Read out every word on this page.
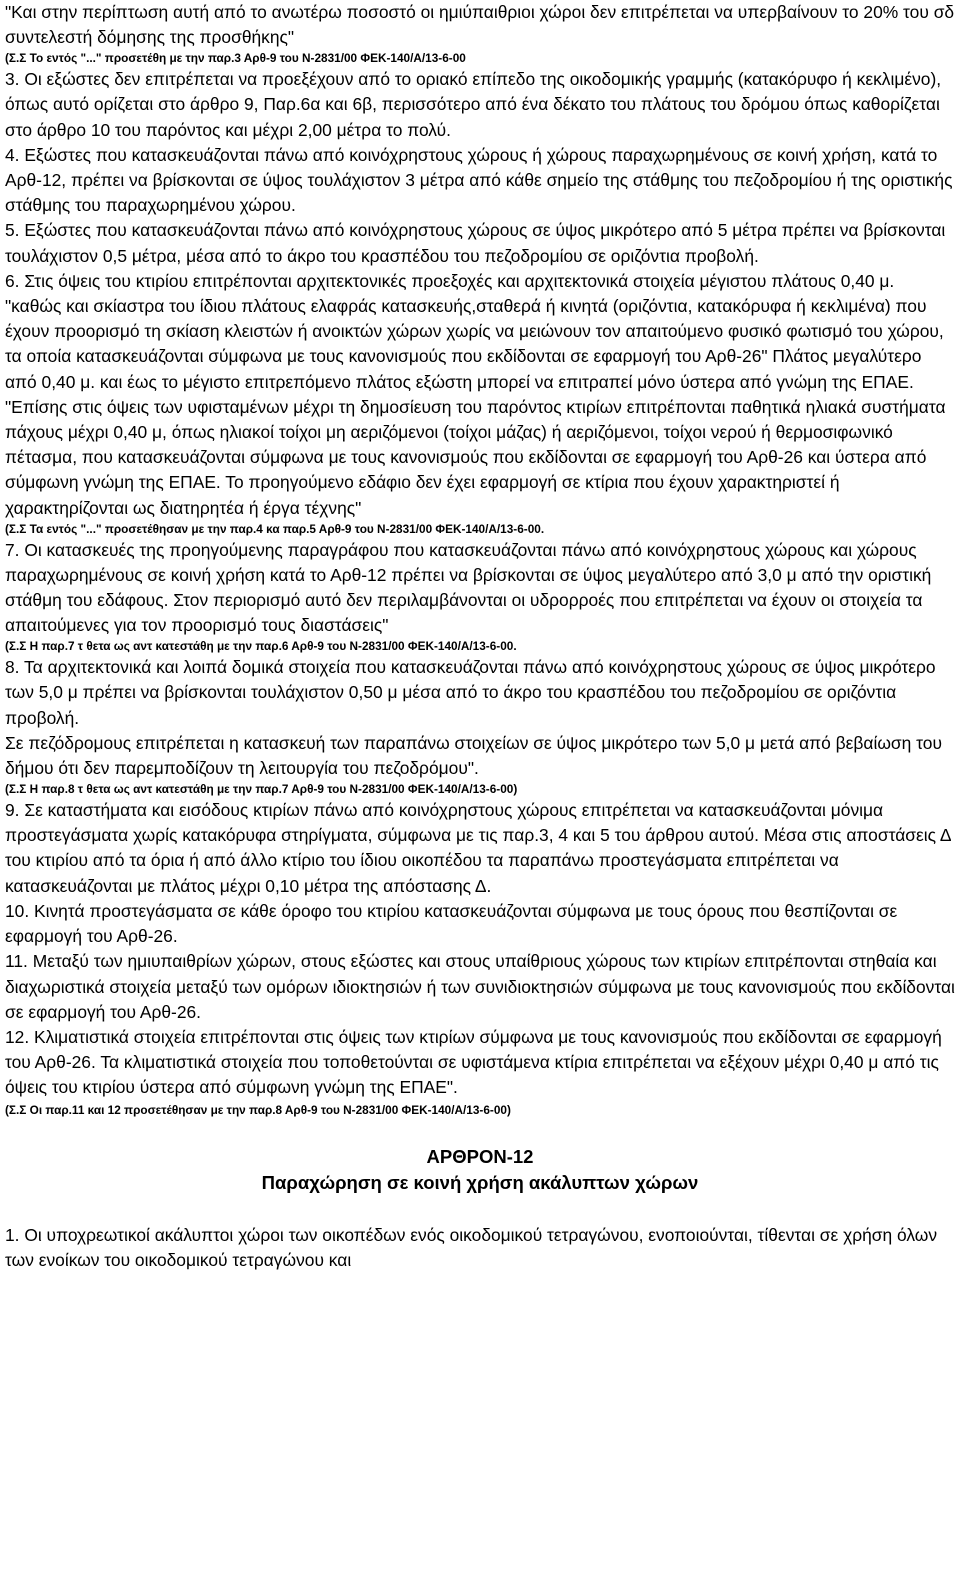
"Και στην περίπτωση αυτή από το ανωτέρω ποσοστό οι ημιύπαιθριοι χώροι δεν επιτρέπεται να υπερβαίνουν το 20% του σδ συντελεστή δόμησης της προσθήκης"

(Σ.Σ Το εντός "..." προσετέθη με την παρ.3 Αρθ-9 του Ν-2831/00 ΦΕΚ-140/Α/13-6-00

3. Οι εξώστες δεν επιτρέπεται να προεξέχουν από το οριακό επίπεδο της οικοδομικής γραμμής (κατακόρυφο ή κεκλιμένο), όπως αυτό ορίζεται στο άρθρο 9, Παρ.6α και 6β, περισσότερο από ένα δέκατο του πλάτους του δρόμου όπως καθορίζεται στο άρθρο 10 του παρόντος και μέχρι 2,00 μέτρα το πολύ.

4. Εξώστες που κατασκευάζονται πάνω από κοινόχρηστους χώρους ή χώρους παραχωρημένους σε κοινή χρήση, κατά το Αρθ-12, πρέπει να βρίσκονται σε ύψος τουλάχιστον 3 μέτρα από κάθε σημείο της στάθμης του πεζοδρομίου ή της οριστικής στάθμης του παραχωρημένου χώρου.

5. Εξώστες που κατασκευάζονται πάνω από κοινόχρηστους χώρους σε ύψος μικρότερο από 5 μέτρα πρέπει να βρίσκονται τουλάχιστον 0,5 μέτρα, μέσα από το άκρο του κρασπέδου του πεζοδρομίου σε οριζόντια προβολή.

6. Στις όψεις του κτιρίου επιτρέπονται αρχιτεκτονικές προεξοχές και αρχιτεκτονικά στοιχεία μέγιστου πλάτους 0,40 μ. "καθώς και σκίαστρα του ίδιου πλάτους ελαφράς κατασκευής,σταθερά ή κινητά (οριζόντια, κατακόρυφα ή κεκλιμένα) που έχουν προορισμό τη σκίαση κλειστών ή ανοικτών χώρων χωρίς να μειώνουν τον απαιτούμενο φυσικό φωτισμό του χώρου, τα οποία κατασκευάζονται σύμφωνα με τους κανονισμούς που εκδίδονται σε εφαρμογή του Αρθ-26" Πλάτος μεγαλύτερο από 0,40 μ. και έως το μέγιστο επιτρεπόμενο πλάτος εξώστη μπορεί να επιτραπεί μόνο ύστερα από γνώμη της ΕΠΑΕ.

"Επίσης στις όψεις των υφισταμένων μέχρι τη δημοσίευση του παρόντος κτιρίων επιτρέπονται παθητικά ηλιακά συστήματα πάχους μέχρι 0,40 μ, όπως ηλιακοί τοίχοι μη αεριζόμενοι (τοίχοι μάζας) ή αεριζόμενοι, τοίχοι νερού ή θερμοσιφωνικό πέτασμα, που κατασκευάζονται σύμφωνα με τους κανονισμούς που εκδίδονται σε εφαρμογή του Αρθ-26 και ύστερα από σύμφωνη γνώμη της ΕΠΑΕ. Το προηγούμενο εδάφιο δεν έχει εφαρμογή σε κτίρια που έχουν χαρακτηριστεί ή χαρακτηρίζονται ως διατηρητέα ή έργα τέχνης"

(Σ.Σ Τα εντός "..." προσετέθησαν με την παρ.4 κα παρ.5 Αρθ-9 του Ν-2831/00 ΦΕΚ-140/Α/13-6-00.

7. Οι κατασκευές της προηγούμενης παραγράφου που κατασκευάζονται πάνω από κοινόχρηστους χώρους και χώρους παραχωρημένους σε κοινή χρήση κατά το Αρθ-12 πρέπει να βρίσκονται σε ύψος μεγαλύτερο από 3,0 μ από την οριστική στάθμη του εδάφους. Στον περιορισμό αυτό δεν περιλαμβάνονται οι υδρορροές που επιτρέπεται να έχουν οι στοιχεία τα απαιτούμενες για τον προορισμό τους διαστάσεις"

(Σ.Σ Η παρ.7 τ θετα ως αντ κατεστάθη με την παρ.6 Αρθ-9 του Ν-2831/00 ΦΕΚ-140/Α/13-6-00.

8. Τα αρχιτεκτονικά και λοιπά δομικά στοιχεία που κατασκευάζονται πάνω από κοινόχρηστους χώρους σε ύψος μικρότερο των 5,0 μ πρέπει να βρίσκονται τουλάχιστον 0,50 μ μέσα από το άκρο του κρασπέδου του πεζοδρομίου σε οριζόντια προβολή.

Σε πεζόδρομους επιτρέπεται η κατασκευή των παραπάνω στοιχείων σε ύψος μικρότερο των 5,0 μ μετά από βεβαίωση του δήμου ότι δεν παρεμποδίζουν τη λειτουργία του πεζοδρόμου".

(Σ.Σ Η παρ.8 τ θετα ως αντ κατεστάθη με την παρ.7 Αρθ-9 του Ν-2831/00 ΦΕΚ-140/Α/13-6-00)

9. Σε καταστήματα και εισόδους κτιρίων πάνω από κοινόχρηστους χώρους επιτρέπεται να κατασκευάζονται μόνιμα προστεγάσματα χωρίς κατακόρυφα στηρίγματα, σύμφωνα με τις παρ.3, 4 και 5 του άρθρου αυτού. Μέσα στις αποστάσεις Δ του κτιρίου από τα όρια ή από άλλο κτίριο του ίδιου οικοπέδου τα παραπάνω προστεγάσματα επιτρέπεται να κατασκευάζονται με πλάτος μέχρι 0,10 μέτρα της απόστασης Δ.

10. Κινητά προστεγάσματα σε κάθε όροφο του κτιρίου κατασκευάζονται σύμφωνα με τους όρους που θεσπίζονται σε εφαρμογή του Αρθ-26.

11. Μεταξύ των ημιυπαιθρίων χώρων, στους εξώστες και στους υπαίθριους χώρους των κτιρίων επιτρέπονται στηθαία και διαχωριστικά στοιχεία μεταξύ των ομόρων ιδιοκτησιών ή των συνιδιοκτησιών σύμφωνα με τους κανονισμούς που εκδίδονται σε εφαρμογή του Αρθ-26.

12. Κλιματιστικά στοιχεία επιτρέπονται στις όψεις των κτιρίων σύμφωνα με τους κανονισμούς που εκδίδονται σε εφαρμογή του Αρθ-26. Τα κλιματιστικά στοιχεία που τοποθετούνται σε υφιστάμενα κτίρια επιτρέπεται να εξέχουν μέχρι 0,40 μ από τις όψεις του κτιρίου ύστερα από σύμφωνη γνώμη της ΕΠΑΕ".

(Σ.Σ Οι παρ.11 και 12 προσετέθησαν με την παρ.8 Αρθ-9 του Ν-2831/00 ΦΕΚ-140/Α/13-6-00)

ΑΡΘΡΟΝ-12

Παραχώρηση σε κοινή χρήση ακάλυπτων χώρων

1. Οι υποχρεωτικοί ακάλυπτοι χώροι των οικοπέδων ενός οικοδομικού τετραγώνου, ενοποιούνται, τίθενται σε χρήση όλων των ενοίκων του οικοδομικού τετραγώνου και
